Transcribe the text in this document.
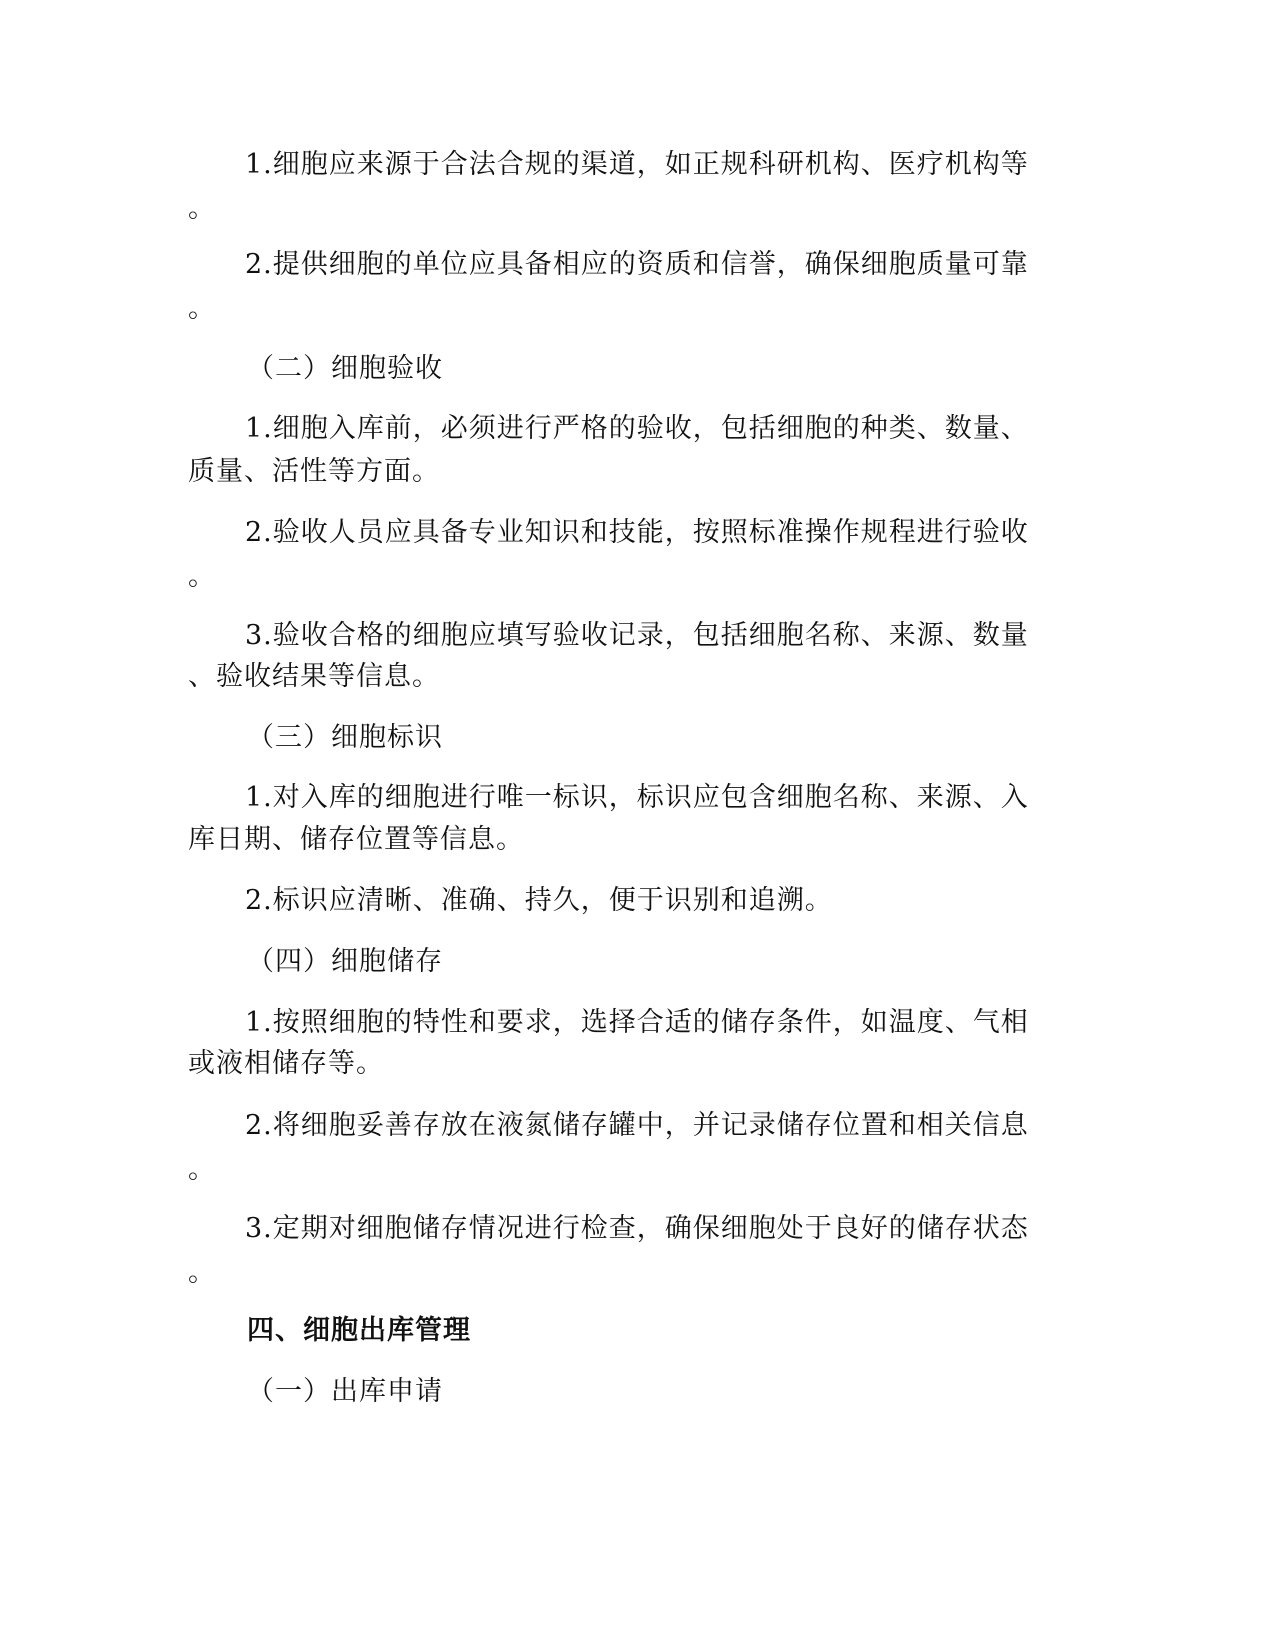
1.细胞应来源于合法合规的渠道，如正规科研机构、医疗机构等
。
2.提供细胞的单位应具备相应的资质和信誉，确保细胞质量可靠
。
（二）细胞验收
1.细胞入库前，必须进行严格的验收，包括细胞的种类、数量、
质量、活性等方面。
2.验收人员应具备专业知识和技能，按照标准操作规程进行验收
。
3.验收合格的细胞应填写验收记录，包括细胞名称、来源、数量
、验收结果等信息。
（三）细胞标识
1.对入库的细胞进行唯一标识，标识应包含细胞名称、来源、入
库日期、储存位置等信息。
2.标识应清晰、准确、持久，便于识别和追溯。
（四）细胞储存
1.按照细胞的特性和要求，选择合适的储存条件，如温度、气相
或液相储存等。
2.将细胞妥善存放在液氮储存罐中，并记录储存位置和相关信息
。
3.定期对细胞储存情况进行检查，确保细胞处于良好的储存状态
。
四、细胞出库管理
（一）出库申请
